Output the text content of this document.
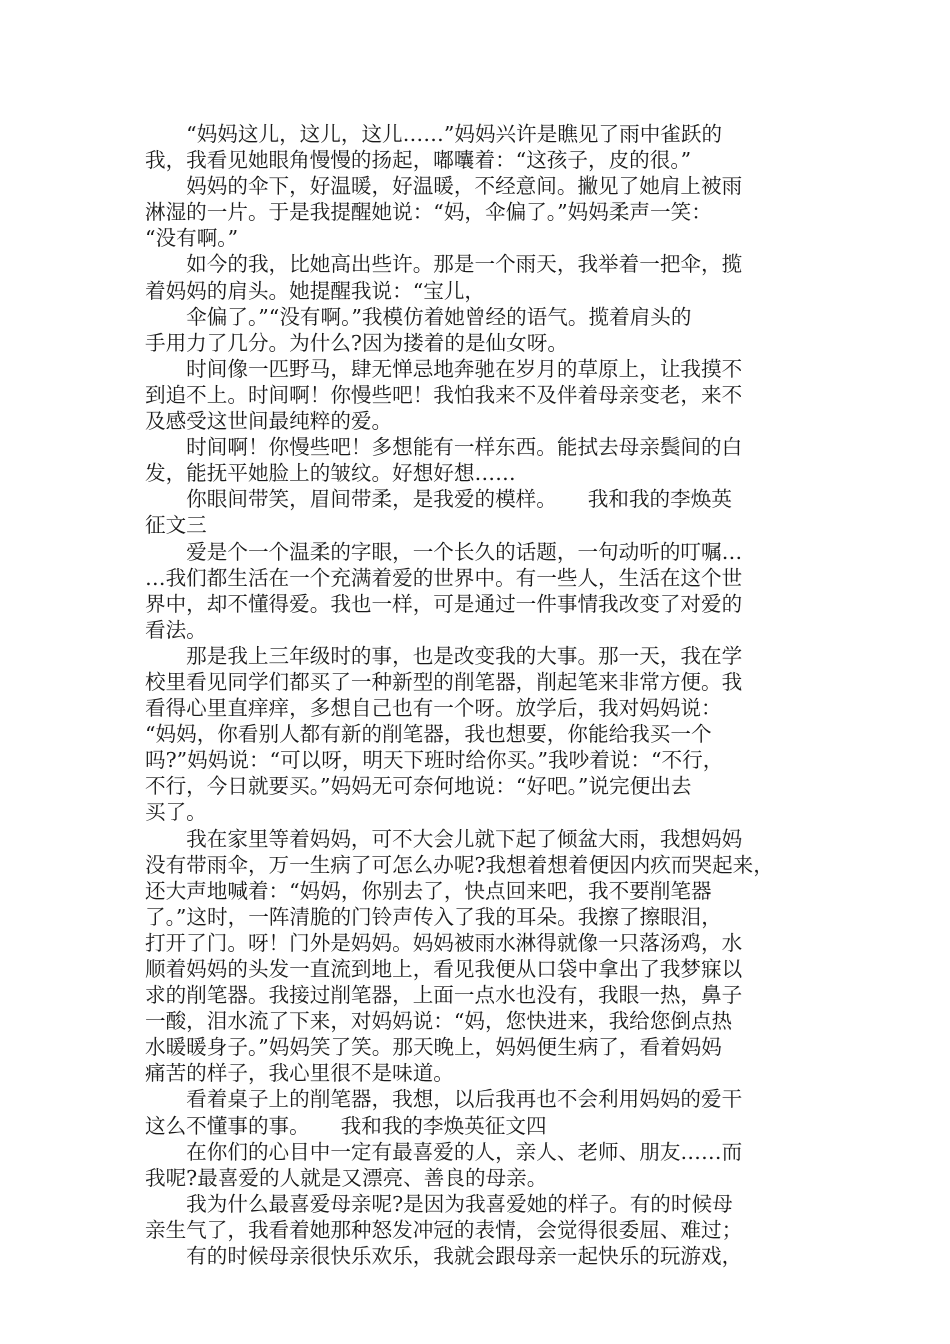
　　“妈妈这儿，这儿，这儿……”妈妈兴许是瞧见了雨中雀跃的
我，我看见她眼角慢慢的扬起，嘟囔着：“这孩子，皮的很。”
　　妈妈的伞下，好温暖，好温暖，不经意间。撇见了她肩上被雨
淋湿的一片。于是我提醒她说：“妈，伞偏了。”妈妈柔声一笑：
“没有啊。”
　　如今的我，比她高出些许。那是一个雨天，我举着一把伞，揽
着妈妈的肩头。她提醒我说：“宝儿，
　　伞偏了。”“没有啊。”我模仿着她曾经的语气。揽着肩头的
手用力了几分。为什么?因为搂着的是仙女呀。
　　时间像一匹野马，肆无惮忌地奔驰在岁月的草原上，让我摸不
到追不上。时间啊！你慢些吧！我怕我来不及伴着母亲变老，来不
及感受这世间最纯粹的爱。
　　时间啊！你慢些吧！多想能有一样东西。能拭去母亲鬓间的白
发，能抚平她脸上的皱纹。好想好想……
　　你眼间带笑，眉间带柔，是我爱的模样。　　我和我的李焕英
征文三
　　爱是个一个温柔的字眼，一个长久的话题，一句动听的叮嘱…
…我们都生活在一个充满着爱的世界中。有一些人，生活在这个世
界中，却不懂得爱。我也一样，可是通过一件事情我改变了对爱的
看法。
　　那是我上三年级时的事，也是改变我的大事。那一天，我在学
校里看见同学们都买了一种新型的削笔器，削起笔来非常方便。我
看得心里直痒痒，多想自己也有一个呀。放学后，我对妈妈说：
“妈妈，你看别人都有新的削笔器，我也想要，你能给我买一个
吗?”妈妈说：“可以呀，明天下班时给你买。”我吵着说：“不行，
不行，今日就要买。”妈妈无可奈何地说：“好吧。”说完便出去
买了。
　　我在家里等着妈妈，可不大会儿就下起了倾盆大雨，我想妈妈
没有带雨伞，万一生病了可怎么办呢?我想着想着便因内疚而哭起来，
还大声地喊着：“妈妈，你别去了，快点回来吧，我不要削笔器
了。”这时，一阵清脆的门铃声传入了我的耳朵。我擦了擦眼泪，
打开了门。呀！门外是妈妈。妈妈被雨水淋得就像一只落汤鸡，水
顺着妈妈的头发一直流到地上，看见我便从口袋中拿出了我梦寐以
求的削笔器。我接过削笔器，上面一点水也没有，我眼一热，鼻子
一酸，泪水流了下来，对妈妈说：“妈，您快进来，我给您倒点热
水暖暖身子。”妈妈笑了笑。那天晚上，妈妈便生病了，看着妈妈
痛苦的样子，我心里很不是味道。
　　看着桌子上的削笔器，我想，以后我再也不会利用妈妈的爱干
这么不懂事的事。　　我和我的李焕英征文四
　　在你们的心目中一定有最喜爱的人，亲人、老师、朋友……而
我呢?最喜爱的人就是又漂亮、善良的母亲。
　　我为什么最喜爱母亲呢?是因为我喜爱她的样子。有的时候母
亲生气了，我看着她那种怒发冲冠的表情，会觉得很委屈、难过；
　　有的时候母亲很快乐欢乐，我就会跟母亲一起快乐的玩游戏，
